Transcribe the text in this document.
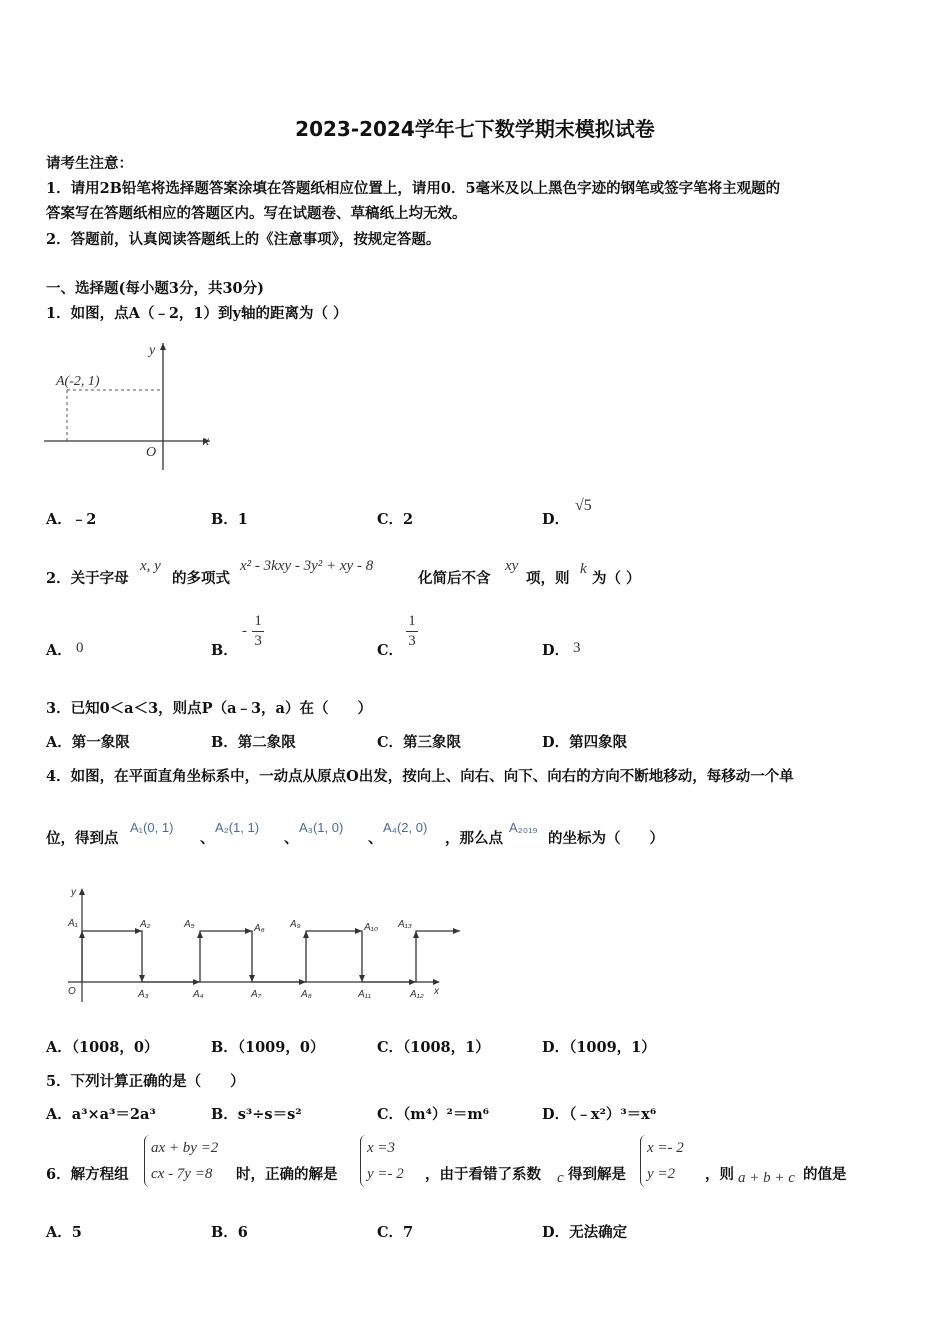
2023-2024学年七下数学期末模拟试卷
请考生注意：
1．请用2B铅笔将选择题答案涂填在答题纸相应位置上，请用0．5毫米及以上黑色字迹的钢笔或签字笔将主观题的
答案写在答题纸相应的答题区内。写在试题卷、草稿纸上均无效。
2．答题前，认真阅读答题纸上的《注意事项》，按规定答题。
一、选择题(每小题3分，共30分)
1．如图，点A（﹣2，1）到y轴的距离为（ ）
y
x
O
A(-2, 1)
A．﹣2	B．1	C．2	D．
√5
2．关于字母
x, y
的多项式
x² - 3kxy - 3y² + xy - 8
化简后不含
xy
项，则
k
为（ ）
A． 0	B．
- $\frac{1}{3}$
C．
$\frac{1}{3}$
D． 3
3．已知0＜a＜3，则点P（a﹣3，a）在（　　）
A．第一象限	B．第二象限	C．第三象限	D．第四象限
4．如图，在平面直角坐标系中，一动点从原点O出发，按向上、向右、向下、向右的方向不断地移动，每移动一个单
位，得到点
A₁(0, 1)
、
A₂(1, 1)
、
A₃(1, 0)
、
A₄(2, 0)
，那么点
A₂₀₁₉
的坐标为（　　）
y
x
O
A₁	A₂	A₅	A₆	A₉	A₁₀ A₁₃
A₃	A₄	A₇	A₈	A₁₁	A₁₂
A．（1008，0）	B．（1009，0）	C．（1008，1）	D．（1009，1）
5．下列计算正确的是（　　）
A．a³×a³＝2a³	B．s³÷s＝s²	C．（m⁴）²＝m⁶	D．（﹣x²）³＝x⁶
6．解方程组
ax + by =2
cx - 7y =8	时，正确的解是
x =3
y =- 2 ，由于看错了系数 c 得到解是
x =- 2
y =2	，则 a + b + c 的值是
A．5	B．6	C．7	D．无法确定
